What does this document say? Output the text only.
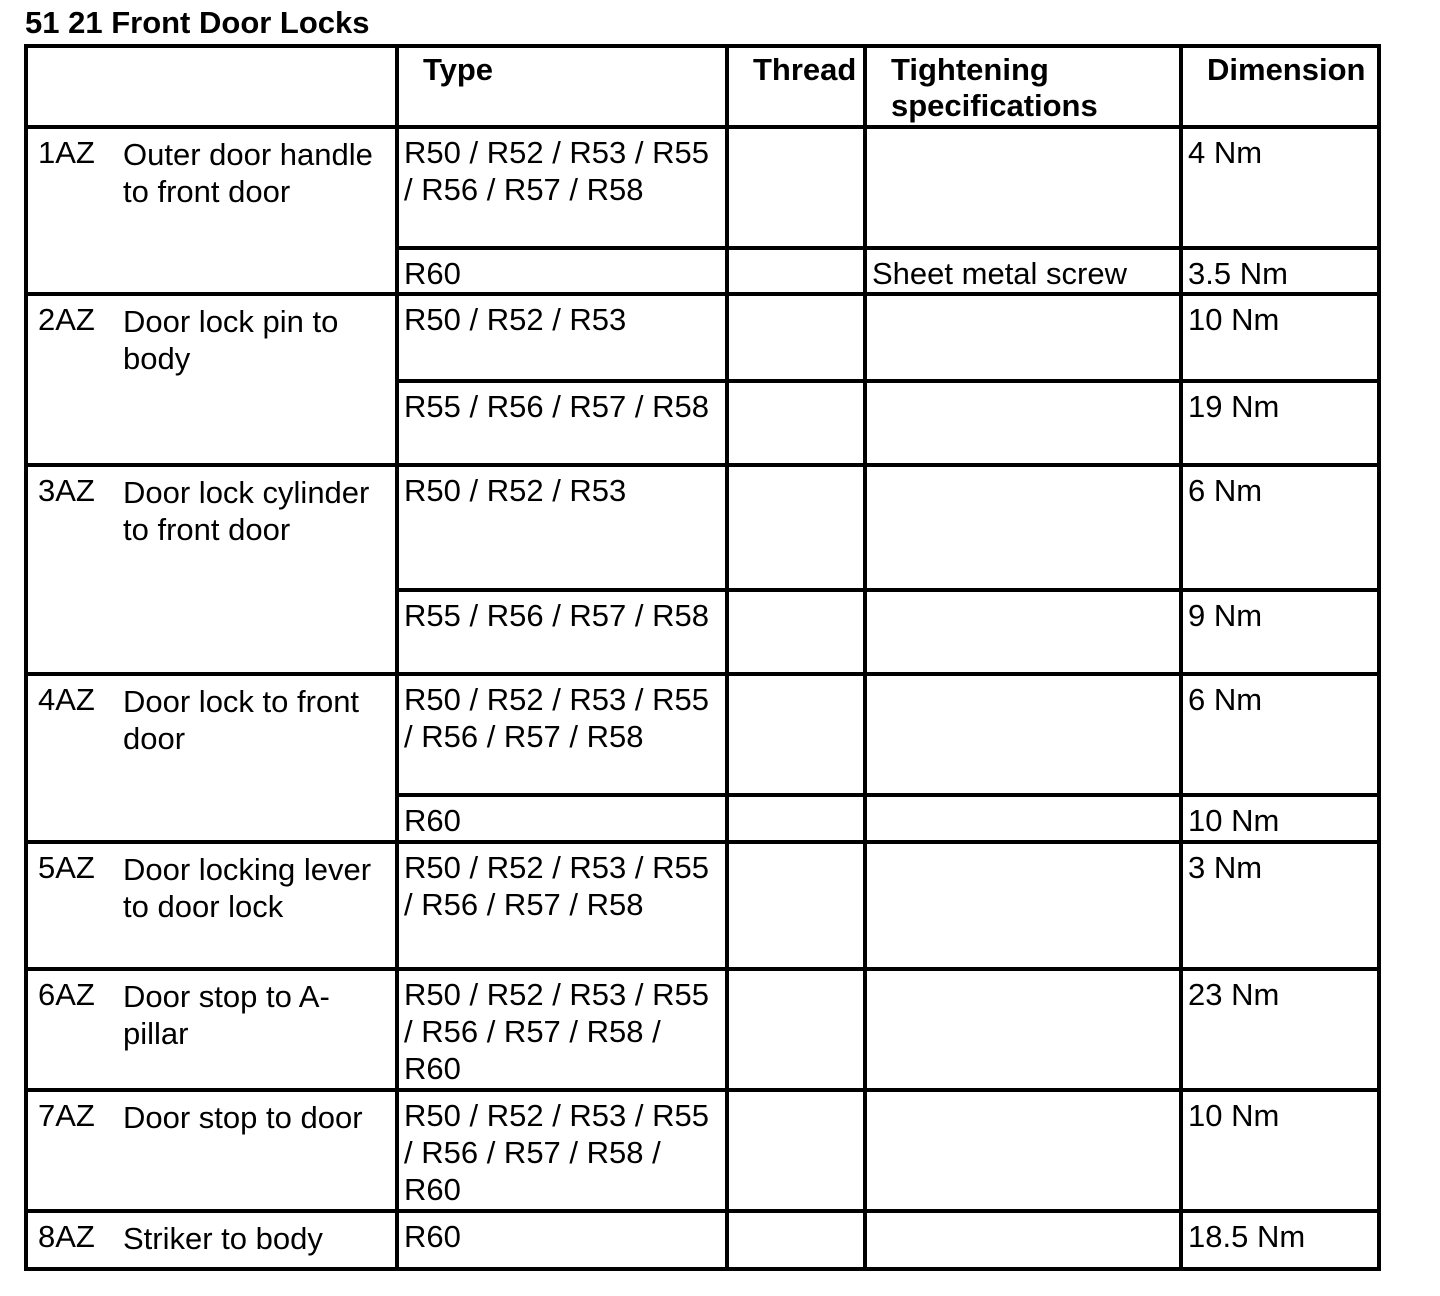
51 21 Front Door Locks
	Type	Thread	Tightening specifications	Dimension

1AZ Outer door handle to front door	R50 / R52 / R53 / R55 / R56 / R57 / R58			4 Nm
	R60		Sheet metal screw	3.5 Nm

2AZ Door lock pin to body	R50 / R52 / R53			10 Nm
	R55 / R56 / R57 / R58			19 Nm

3AZ Door lock cylinder to front door	R50 / R52 / R53			6 Nm
	R55 / R56 / R57 / R58			9 Nm

4AZ Door lock to front door	R50 / R52 / R53 / R55 / R56 / R57 / R58			6 Nm
	R60			10 Nm

5AZ Door locking lever to door lock	R50 / R52 / R53 / R55 / R56 / R57 / R58			3 Nm

6AZ Door stop to A-pillar	R50 / R52 / R53 / R55 / R56 / R57 / R58 / R60			23 Nm

7AZ Door stop to door	R50 / R52 / R53 / R55 / R56 / R57 / R58 / R60			10 Nm

8AZ Striker to body	R60			18.5 Nm
